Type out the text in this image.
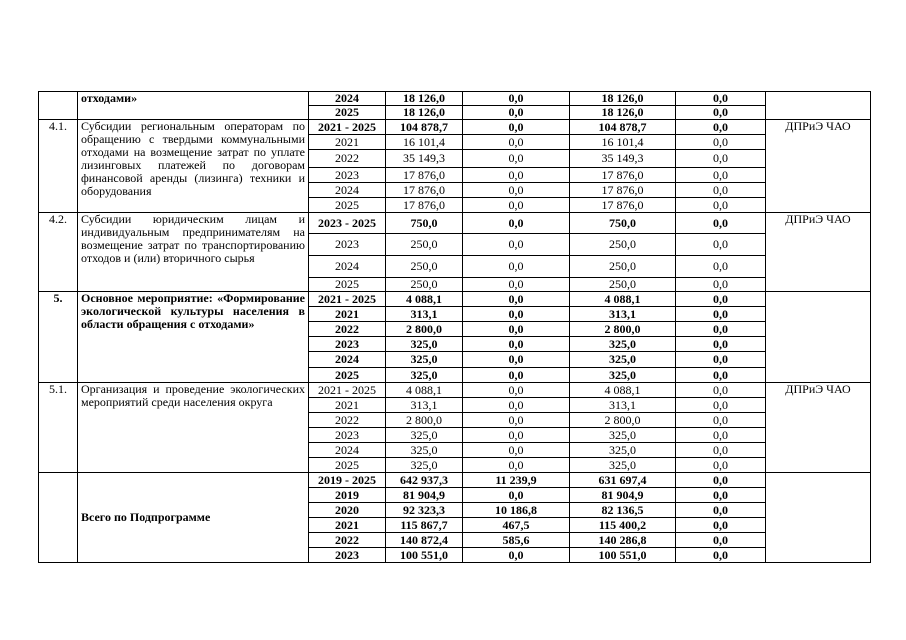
	отходами»	2024	18 126,0	0,0	18 126,0	0,0	
		2025	18 126,0	0,0	18 126,0	0,0	
4.1.	Субсидии региональным операторам по обращению с твердыми коммунальными отходами на возмещение затрат по уплате лизинговых платежей по договорам финансовой аренды (лизинга) техники и оборудования	2021 - 2025	104 878,7	0,0	104 878,7	0,0	ДПРиЭ ЧАО
		2021	16 101,4	0,0	16 101,4	0,0	
		2022	35 149,3	0,0	35 149,3	0,0	
		2023	17 876,0	0,0	17 876,0	0,0	
		2024	17 876,0	0,0	17 876,0	0,0	
		2025	17 876,0	0,0	17 876,0	0,0	
4.2.	Субсидии юридическим лицам и индивидуальным предпринимателям на возмещение затрат по транспортированию отходов и (или) вторичного сырья	2023 - 2025	750,0	0,0	750,0	0,0	ДПРиЭ ЧАО
		2023	250,0	0,0	250,0	0,0	
		2024	250,0	0,0	250,0	0,0	
		2025	250,0	0,0	250,0	0,0	
5.	Основное мероприятие: «Формирование экологической культуры населения в области обращения с отходами»	2021 - 2025	4 088,1	0,0	4 088,1	0,0	
		2021	313,1	0,0	313,1	0,0	
		2022	2 800,0	0,0	2 800,0	0,0	
		2023	325,0	0,0	325,0	0,0	
		2024	325,0	0,0	325,0	0,0	
		2025	325,0	0,0	325,0	0,0	
5.1.	Организация и проведение экологических мероприятий среди населения округа	2021 - 2025	4 088,1	0,0	4 088,1	0,0	ДПРиЭ ЧАО
		2021	313,1	0,0	313,1	0,0	
		2022	2 800,0	0,0	2 800,0	0,0	
		2023	325,0	0,0	325,0	0,0	
		2024	325,0	0,0	325,0	0,0	
		2025	325,0	0,0	325,0	0,0	
	Всего по Подпрограмме	2019 - 2025	642 937,3	11 239,9	631 697,4	0,0	
		2019	81 904,9	0,0	81 904,9	0,0	
		2020	92 323,3	10 186,8	82 136,5	0,0	
		2021	115 867,7	467,5	115 400,2	0,0	
		2022	140 872,4	585,6	140 286,8	0,0	
		2023	100 551,0	0,0	100 551,0	0,0	
